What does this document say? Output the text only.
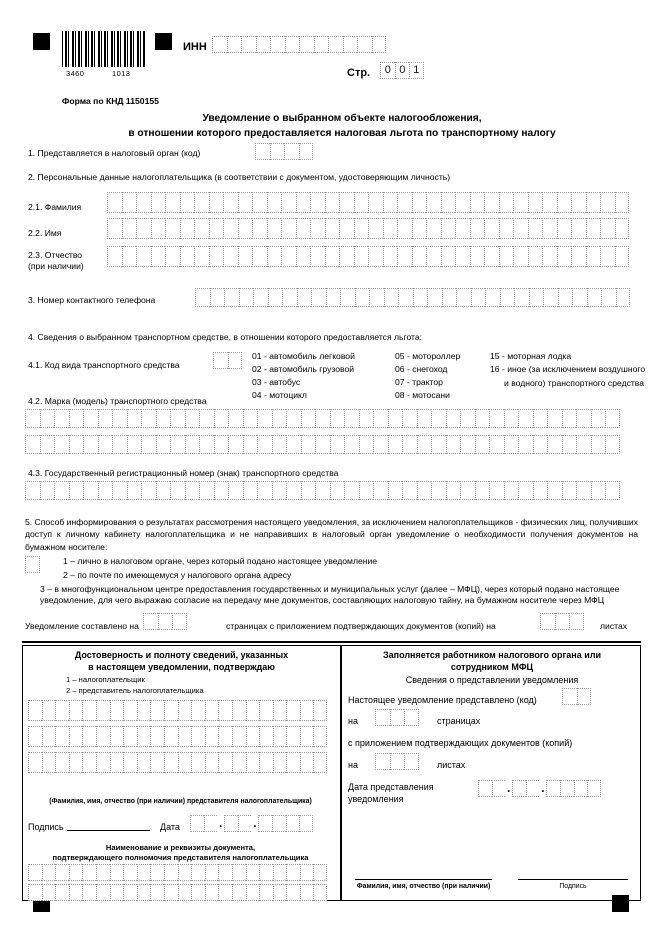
3460	1013
ИНН
Стр.	0 0 1
Форма по КНД 1150155
Уведомление о выбранном объекте налогообложения,
в отношении которого предоставляется налоговая льгота по транспортному налогу
1. Представляется в налоговый орган (код)
2. Персональные данные налогоплательщика (в соответствии с документом, удостоверяющим личность)
2.1. Фамилия
2.2. Имя
2.3. Отчество
(при наличии)
3. Номер контактного телефона
4. Сведения о выбранном транспортном средстве, в отношении которого предоставляется льгота:
4.1. Код вида транспортного средства
01 - автомобиль легковой
02 - автомобиль грузовой
03 - автобус
04 - мотоцикл
05 - мотороллер
06 - снегоход
07 - трактор
08 - мотосани
15 - моторная лодка
16 - иное (за исключением воздушного
и водного) транспортного средства
4.2. Марка (модель) транспортного средства
4.3. Государственный регистрационный номер (знак) транспортного средства
5. Способ информирования о результатах рассмотрения настоящего уведомления, за исключением налогоплательщиков - физических лиц, получивших доступ к личному кабинету налогоплательщика и не направивших в налоговый орган уведомление о необходимости получения документов на бумажном носителе:
1 – лично в налоговом органе, через который подано настоящее уведомление
2 – по почте по имеющемуся у налогового органа адресу
3 – в многофункциональном центре предоставления государственных и муниципальных услуг (далее – МФЦ), через который подано настоящее
уведомление, для чего выражаю согласие на передачу мне документов, составляющих налоговую тайну, на бумажном носителе через МФЦ
Уведомление составлено на	страницах с приложением подтверждающих документов (копий) на	листах
Достоверность и полноту сведений, указанных
в настоящем уведомлении, подтверждаю
1 – налогоплательщик
2 – представитель налогоплательщика
(Фамилия, имя, отчество (при наличии) представителя налогоплательщика)
Подпись	Дата	.	.
Наименование и реквизиты документа,
подтверждающего полномочия представителя налогоплательщика
Заполняется работником налогового органа или
сотрудником МФЦ
Сведения о представлении уведомления
Настоящее уведомление представлено (код)
на	страницах
с приложением подтверждающих документов (копий)
на	листах
Дата представления
уведомления
.	.
Фамилия, имя, отчество (при наличии)	Подпись
